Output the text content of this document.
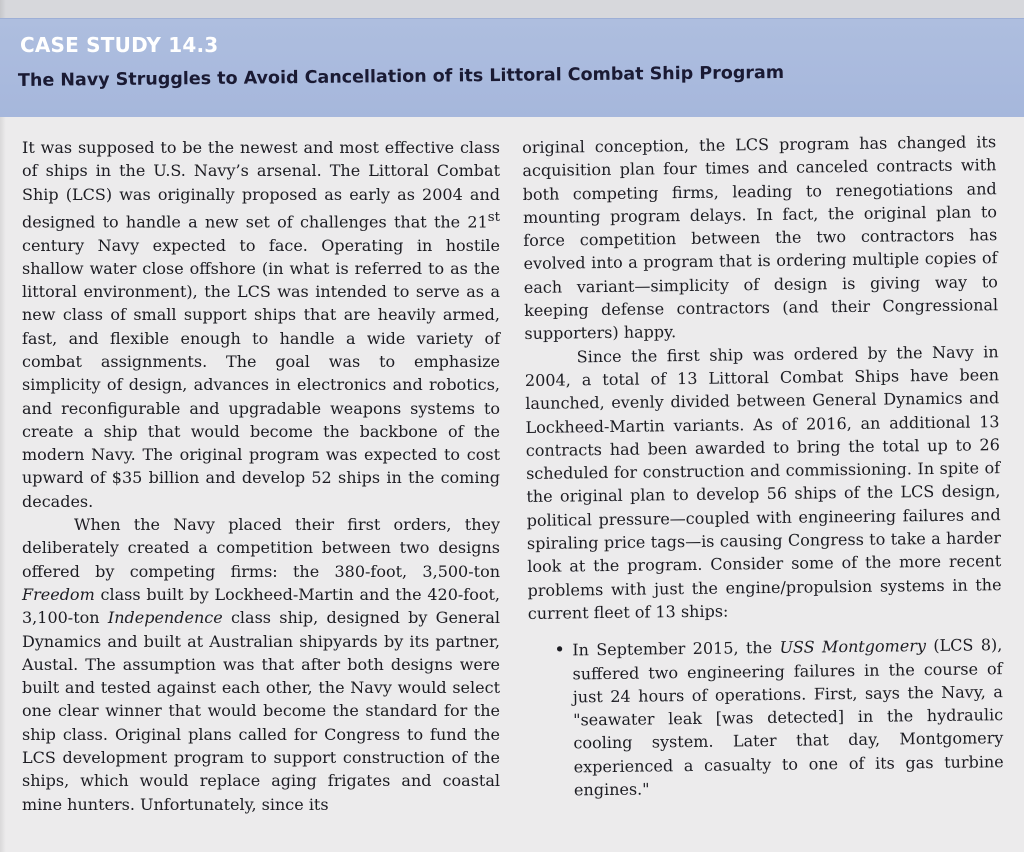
CASE STUDY 14.3
The Navy Struggles to Avoid Cancellation of its Littoral Combat Ship Program

It was supposed to be the newest and most effective class of ships in the U.S. Navy’s arsenal. The Littoral Combat Ship (LCS) was originally proposed as early as 2004 and designed to handle a new set of challenges that the 21st century Navy expected to face. Operating in hostile shallow water close offshore (in what is referred to as the littoral environment), the LCS was intended to serve as a new class of small support ships that are heavily armed, fast, and flexible enough to handle a wide variety of combat assignments. The goal was to emphasize simplicity of design, advances in electronics and robotics, and reconfigurable and upgradable weapons systems to create a ship that would become the backbone of the modern Navy. The original program was expected to cost upward of $35 billion and develop 52 ships in the coming decades.

When the Navy placed their first orders, they deliberately created a competition between two designs offered by competing firms: the 380-foot, 3,500-ton Freedom class built by Lockheed-Martin and the 420-foot, 3,100-ton Independence class ship, designed by General Dynamics and built at Australian shipyards by its partner, Austal. The assumption was that after both designs were built and tested against each other, the Navy would select one clear winner that would become the standard for the ship class. Original plans called for Congress to fund the LCS development program to support construction of the ships, which would replace aging frigates and coastal mine hunters. Unfortunately, since its

original conception, the LCS program has changed its acquisition plan four times and canceled contracts with both competing firms, leading to renegotiations and mounting program delays. In fact, the original plan to force competition between the two contractors has evolved into a program that is ordering multiple copies of each variant—simplicity of design is giving way to keeping defense contractors (and their Congressional supporters) happy.

Since the first ship was ordered by the Navy in 2004, a total of 13 Littoral Combat Ships have been launched, evenly divided between General Dynamics and Lockheed-Martin variants. As of 2016, an additional 13 contracts had been awarded to bring the total up to 26 scheduled for construction and commissioning. In spite of the original plan to develop 56 ships of the LCS design, political pressure—coupled with engineering failures and spiraling price tags—is causing Congress to take a harder look at the program. Consider some of the more recent problems with just the engine/propulsion systems in the current fleet of 13 ships:

• In September 2015, the USS Montgomery (LCS 8), suffered two engineering failures in the course of just 24 hours of operations. First, says the Navy, a "seawater leak [was detected] in the hydraulic cooling system. Later that day, Montgomery experienced a casualty to one of its gas turbine engines."
